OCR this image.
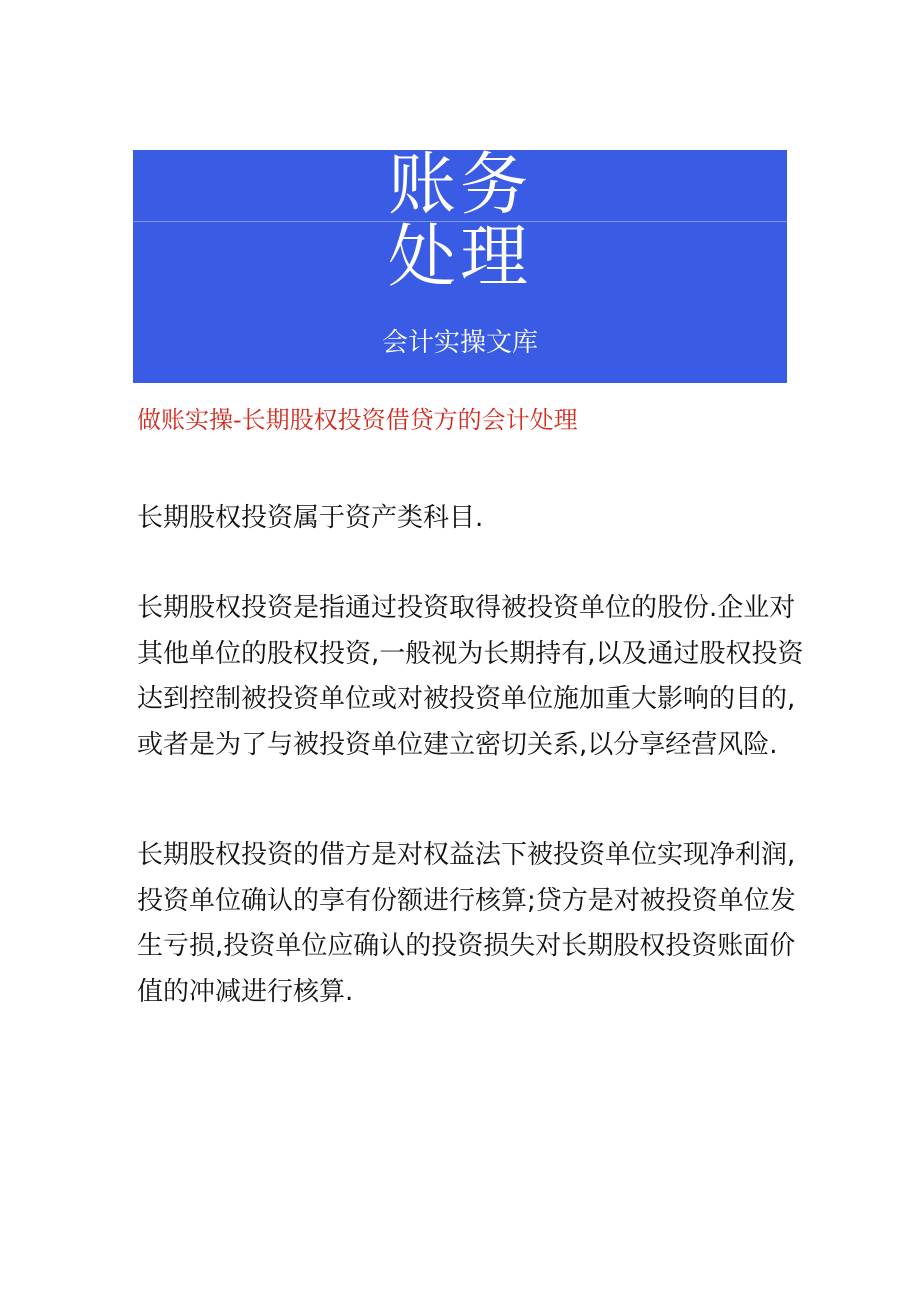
账务
处理
会计实操文库
做账实操-长期股权投资借贷方的会计处理

长期股权投资属于资产类科目.

长期股权投资是指通过投资取得被投资单位的股份.企业对
其他单位的股权投资,一般视为长期持有,以及通过股权投资
达到控制被投资单位或对被投资单位施加重大影响的目的,
或者是为了与被投资单位建立密切关系,以分享经营风险.

长期股权投资的借方是对权益法下被投资单位实现净利润,
投资单位确认的享有份额进行核算;贷方是对被投资单位发
生亏损,投资单位应确认的投资损失对长期股权投资账面价
值的冲减进行核算.
